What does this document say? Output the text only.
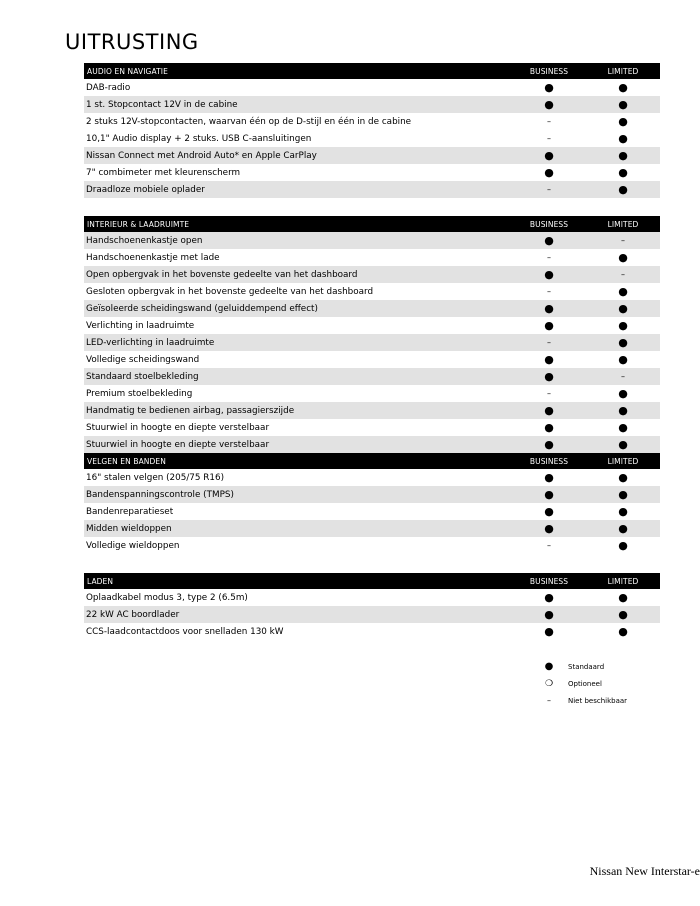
UITRUSTING
AUDIO EN NAVIGATIE	BUSINESS	LIMITED
DAB-radio	●	●
1 st. Stopcontact 12V in de cabine	●	●
2 stuks 12V-stopcontacten, waarvan één op de D-stijl en één in de cabine	–	●
10,1" Audio display + 2 stuks. USB C-aansluitingen	–	●
Nissan Connect met Android Auto* en Apple CarPlay	●	●
7" combimeter met kleurenscherm	●	●
Draadloze mobiele oplader	–	●
INTERIEUR & LAADRUIMTE	BUSINESS	LIMITED
Handschoenenkastje open	●	–
Handschoenenkastje met lade	–	●
Open opbergvak in het bovenste gedeelte van het dashboard	●	–
Gesloten opbergvak in het bovenste gedeelte van het dashboard	–	●
Geïsoleerde scheidingswand (geluiddempend effect)	●	●
Verlichting in laadruimte	●	●
LED-verlichting in laadruimte	–	●
Volledige scheidingswand	●	●
Standaard stoelbekleding	●	–
Premium stoelbekleding	–	●
Handmatig te bedienen airbag, passagierszijde	●	●
Stuurwiel in hoogte en diepte verstelbaar	●	●
Stuurwiel in hoogte en diepte verstelbaar	●	●
VELGEN EN BANDEN	BUSINESS	LIMITED
16" stalen velgen (205/75 R16)	●	●
Bandenspanningscontrole (TMPS)	●	●
Bandenreparatieset	●	●
Midden wieldoppen	●	●
Volledige wieldoppen	–	●
LADEN	BUSINESS	LIMITED
Oplaadkabel modus 3, type 2 (6.5m)	●	●
22 kW AC boordlader	●	●
CCS-laadcontactdoos voor snelladen 130 kW	●	●
●	Standaard
❍	Optioneel
–	Niet beschikbaar
Nissan New Interstar-e
